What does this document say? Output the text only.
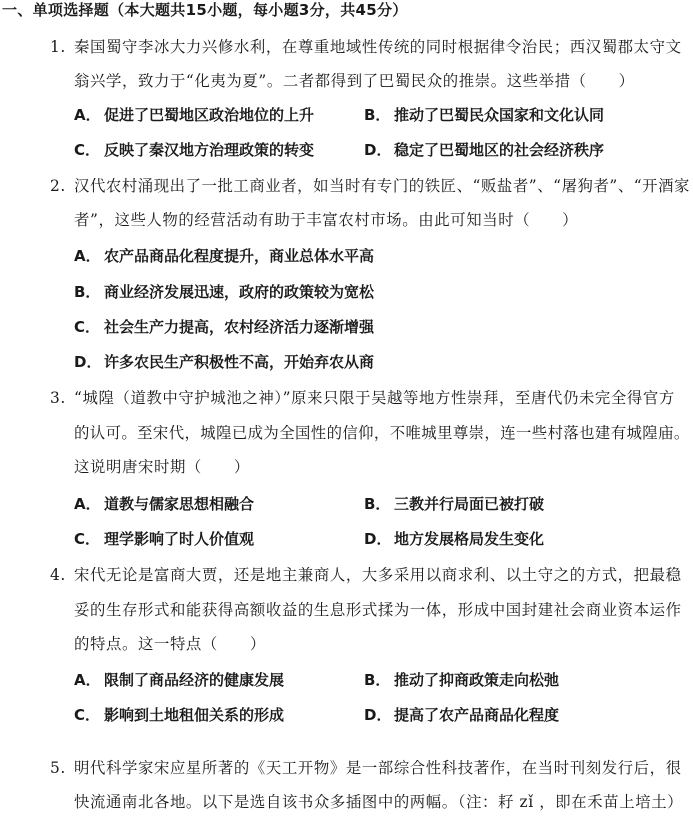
一、单项选择题（本大题共15小题，每小题3分，共45分）
1. 秦国蜀守李冰大力兴修水利，在尊重地域性传统的同时根据律令治民；西汉蜀郡太守文
翁兴学，致力于“化夷为夏”。二者都得到了巴蜀民众的推崇。这些举措（　　）
A． 促进了巴蜀地区政治地位的上升	B． 推动了巴蜀民众国家和文化认同
C． 反映了秦汉地方治理政策的转变	D． 稳定了巴蜀地区的社会经济秩序
2. 汉代农村涌现出了一批工商业者，如当时有专门的铁匠、“贩盐者”、“屠狗者”、“开酒家
者”，这些人物的经营活动有助于丰富农村市场。由此可知当时（　　）
A． 农产品商品化程度提升，商业总体水平高
B． 商业经济发展迅速，政府的政策较为宽松
C． 社会生产力提高，农村经济活力逐渐增强
D． 许多农民生产积极性不高，开始弃农从商
3. “城隍（道教中守护城池之神）”原来只限于吴越等地方性崇拜，至唐代仍未完全得官方
的认可。至宋代，城隍已成为全国性的信仰，不唯城里尊崇，连一些村落也建有城隍庙。
这说明唐宋时期（　　）
A． 道教与儒家思想相融合	B． 三教并行局面已被打破
C． 理学影响了时人价值观	D． 地方发展格局发生变化
4. 宋代无论是富商大贾，还是地主兼商人，大多采用以商求利、以土守之的方式，把最稳
妥的生存形式和能获得高额收益的生息形式揉为一体，形成中国封建社会商业资本运作
的特点。这一特点（　　）
A． 限制了商品经济的健康发展	B． 推动了抑商政策走向松弛
C． 影响到土地租佃关系的形成	D． 提高了农产品商品化程度
5. 明代科学家宋应星所著的《天工开物》是一部综合性科技著作，在当时刊刻发行后，很
快流通南北各地。以下是选自该书众多插图中的两幅。（注：耔 zǐ ，即在禾苗上培土）
